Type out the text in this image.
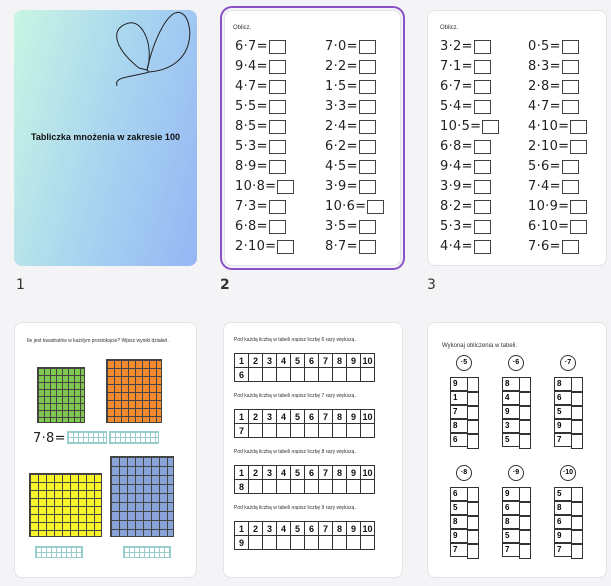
Tabliczka mnożenia w zakresie 100
1
Oblicz.
6·7=
9·4=
4·7=
5·5=
8·5=
5·3=
8·9=
10·8=
7·3=
6·8=
2·10=
7·0=
2·2=
1·5=
3·3=
2·4=
6·2=
4·5=
3·9=
10·6=
3·5=
8·7=
2
Oblicz.
3·2=
7·1=
6·7=
5·4=
10·5=
6·8=
9·4=
3·9=
8·2=
5·3=
4·4=
0·5=
8·3=
2·8=
4·7=
4·10=
2·10=
5·6=
7·4=
10·9=
6·10=
7·6=
3
Ile jest kwadratów w każdym prostokącie? Wpisz wyniki działań.
7·8=
Pod każdą liczbą w tabeli napisz liczbę 6 razy większą.
1	2	3	4	5	6	7	8	9	10
6									
Pod każdą liczbą w tabeli napisz liczbę 7 razy większą.
1	2	3	4	5	6	7	8	9	10
7									
Pod każdą liczbą w tabeli napisz liczbę 8 razy większą.
1	2	3	4	5	6	7	8	9	10
8									
Pod każdą liczbą w tabeli napisz liczbę 9 razy większą.
1	2	3	4	5	6	7	8	9	10
9									
Wykonaj obliczenia w tabeli.
·5
9
1
7
8
6
·6
8
4
9
3
5
·7
8
6
5
9
7
·8
6
5
8
9
7
·9
9
6
8
5
7
·10
5
8
6
9
7
